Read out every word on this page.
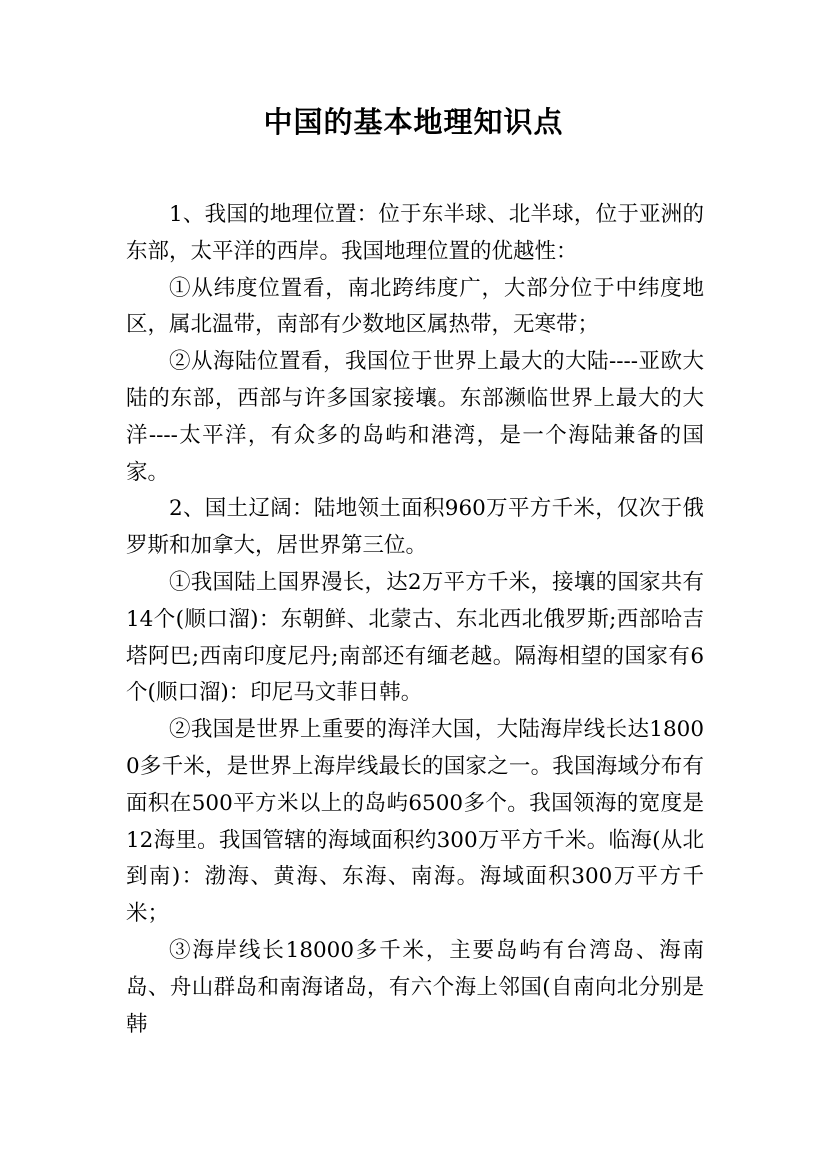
中国的基本地理知识点

1、我国的地理位置：位于东半球、北半球，位于亚洲的东部，太平洋的西岸。我国地理位置的优越性：

①从纬度位置看，南北跨纬度广，大部分位于中纬度地区，属北温带，南部有少数地区属热带，无寒带；

②从海陆位置看，我国位于世界上最大的大陆----亚欧大陆的东部，西部与许多国家接壤。东部濒临世界上最大的大洋----太平洋，有众多的岛屿和港湾，是一个海陆兼备的国家。

2、国土辽阔：陆地领土面积960万平方千米，仅次于俄罗斯和加拿大，居世界第三位。

①我国陆上国界漫长，达2万平方千米，接壤的国家共有14个(顺口溜)：东朝鲜、北蒙古、东北西北俄罗斯;西部哈吉塔阿巴;西南印度尼丹;南部还有缅老越。隔海相望的国家有6个(顺口溜)：印尼马文菲日韩。

②我国是世界上重要的海洋大国，大陆海岸线长达18000多千米，是世界上海岸线最长的国家之一。我国海域分布有面积在500平方米以上的岛屿6500多个。我国领海的宽度是12海里。我国管辖的海域面积约300万平方千米。临海(从北到南)：渤海、黄海、东海、南海。海域面积300万平方千米；

③海岸线长18000多千米，主要岛屿有台湾岛、海南岛、舟山群岛和南海诸岛，有六个海上邻国(自南向北分别是韩
